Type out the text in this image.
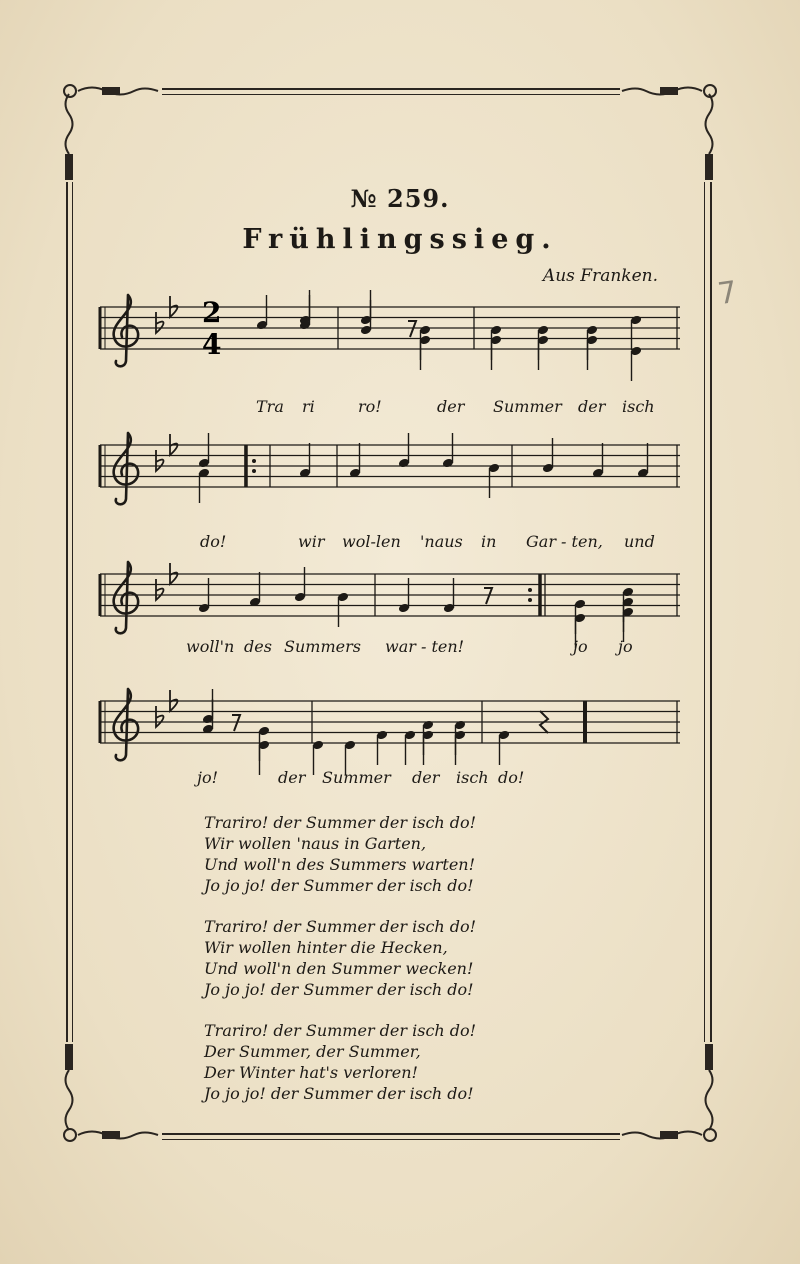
№ 259.
Frühlingssieg.
Aus Franken. 7
2
4
Tra ri	ro!	der Summer der isch
do!	wir wol-len 'naus in Gar - ten, und
woll'n des Summers war - ten!	jo jo
jo!	der Summer der isch do!
Trariro! der Summer der isch do!
Wir wollen 'naus in Garten,
Und woll'n des Summers warten!
Jo jo jo! der Summer der isch do!
Trariro! der Summer der isch do!
Wir wollen hinter die Hecken,
Und woll'n den Summer wecken!
Jo jo jo! der Summer der isch do!
Trariro! der Summer der isch do!
Der Summer, der Summer,
Der Winter hat's verloren!
Jo jo jo! der Summer der isch do!
